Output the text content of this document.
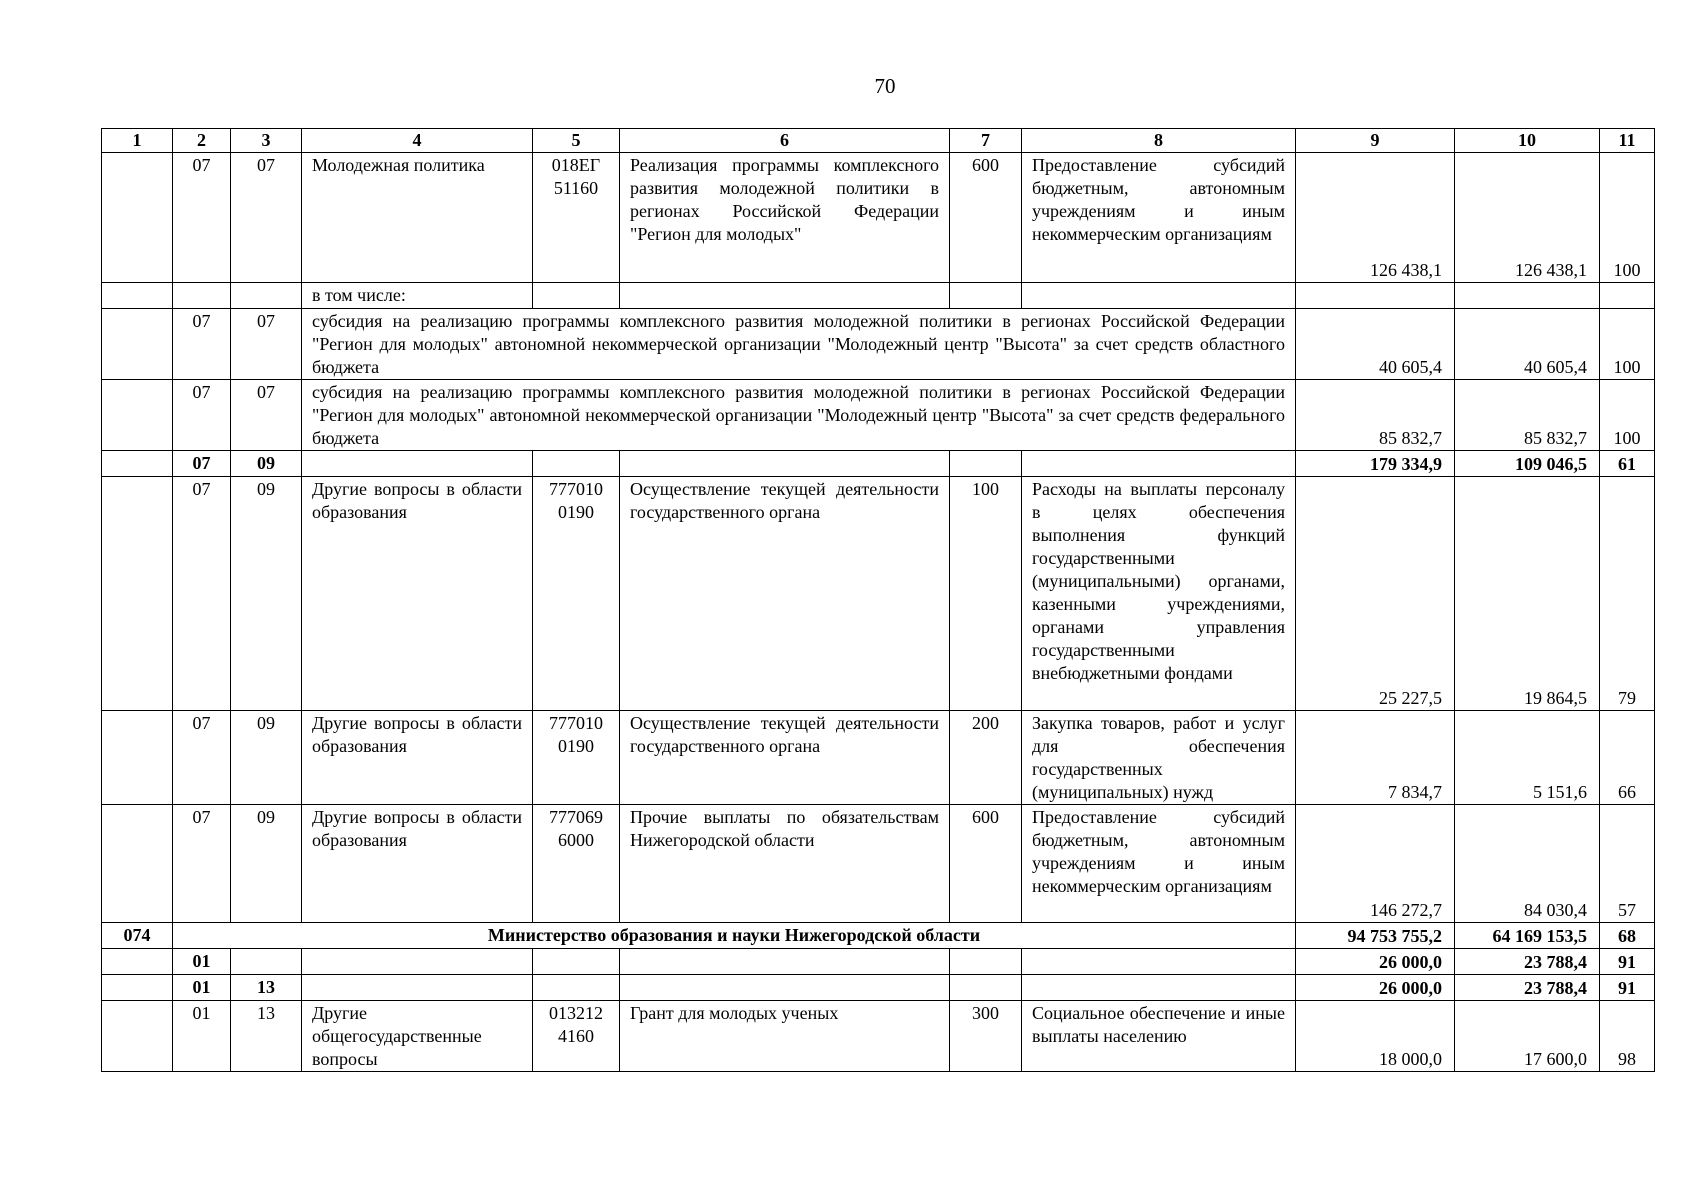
70
1	2	3	4	5	6	7	8	9	10	11
	07	07	Молодежная политика	018ЕГ 51160	Реализация программы комплексного развития молодежной политики в регионах Российской Федерации "Регион для молодых"	600	Предоставление субсидий бюджетным, автономным учреждениям и иным некоммерческим организациям	126 438,1	126 438,1	100
			в том числе:							
	07	07	субсидия на реализацию программы комплексного развития молодежной политики в регионах Российской Федерации "Регион для молодых" автономной некоммерческой организации "Молодежный центр "Высота" за счет средств областного бюджета					40 605,4	40 605,4	100
	07	07	субсидия на реализацию программы комплексного развития молодежной политики в регионах Российской Федерации "Регион для молодых" автономной некоммерческой организации "Молодежный центр "Высота" за счет средств федерального бюджета					85 832,7	85 832,7	100
	07	09						179 334,9	109 046,5	61
	07	09	Другие вопросы в области образования	777010 0190	Осуществление текущей деятельности государственного органа	100	Расходы на выплаты персоналу в целях обеспечения выполнения функций государственными (муниципальными) органами, казенными учреждениями, органами управления государственными внебюджетными фондами	25 227,5	19 864,5	79
	07	09	Другие вопросы в области образования	777010 0190	Осуществление текущей деятельности государственного органа	200	Закупка товаров, работ и услуг для обеспечения государственных (муниципальных) нужд	7 834,7	5 151,6	66
	07	09	Другие вопросы в области образования	777069 6000	Прочие выплаты по обязательствам Нижегородской области	600	Предоставление субсидий бюджетным, автономным учреждениям и иным некоммерческим организациям	146 272,7	84 030,4	57
074	Министерство образования и науки Нижегородской области							94 753 755,2	64 169 153,5	68
	01							26 000,0	23 788,4	91
	01	13						26 000,0	23 788,4	91
	01	13	Другие общегосударственные вопросы	013212 4160	Грант для молодых ученых	300	Социальное обеспечение и иные выплаты населению	18 000,0	17 600,0	98
